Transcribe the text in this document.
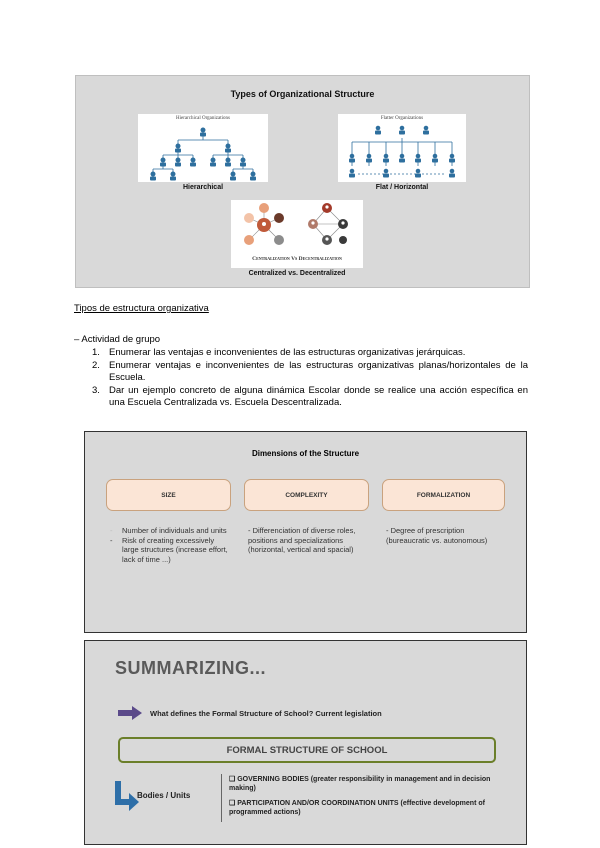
Types of Organizational Structure
Hierarchical Organizations
Hierarchical
Flatter Organizations
Flat / Horizontal
Centralization Vs Decentralization
Centralized vs. Decentralized
Tipos de estructura organizativa
– Actividad de grupo
1. Enumerar las ventajas e inconvenientes de las estructuras organizativas jerárquicas.
2. Enumerar ventajas e inconvenientes de las estructuras organizativas planas/horizontales de la Escuela.
3. Dar un ejemplo concreto de alguna dinámica Escolar donde se realice una acción específica en una Escuela Centralizada vs. Escuela Descentralizada.
Dimensions of the Structure
SIZE	COMPLEXITY	FORMALIZATION
- Number of individuals and units
- Risk of creating excessively large structures (increase effort, lack of time ...)
- Differenciation of diverse roles, positions and specializations (horizontal, vertical and spacial)
- Degree of prescription (bureaucratic vs. autonomous)
SUMMARIZING...
What defines the Formal Structure of School? Current legislation
FORMAL STRUCTURE OF SCHOOL
Bodies / Units
❑ GOVERNING BODIES (greater responsibility in management and in decision making)
❑ PARTICIPATION AND/OR COORDINATION UNITS (effective development of programmed actions)
